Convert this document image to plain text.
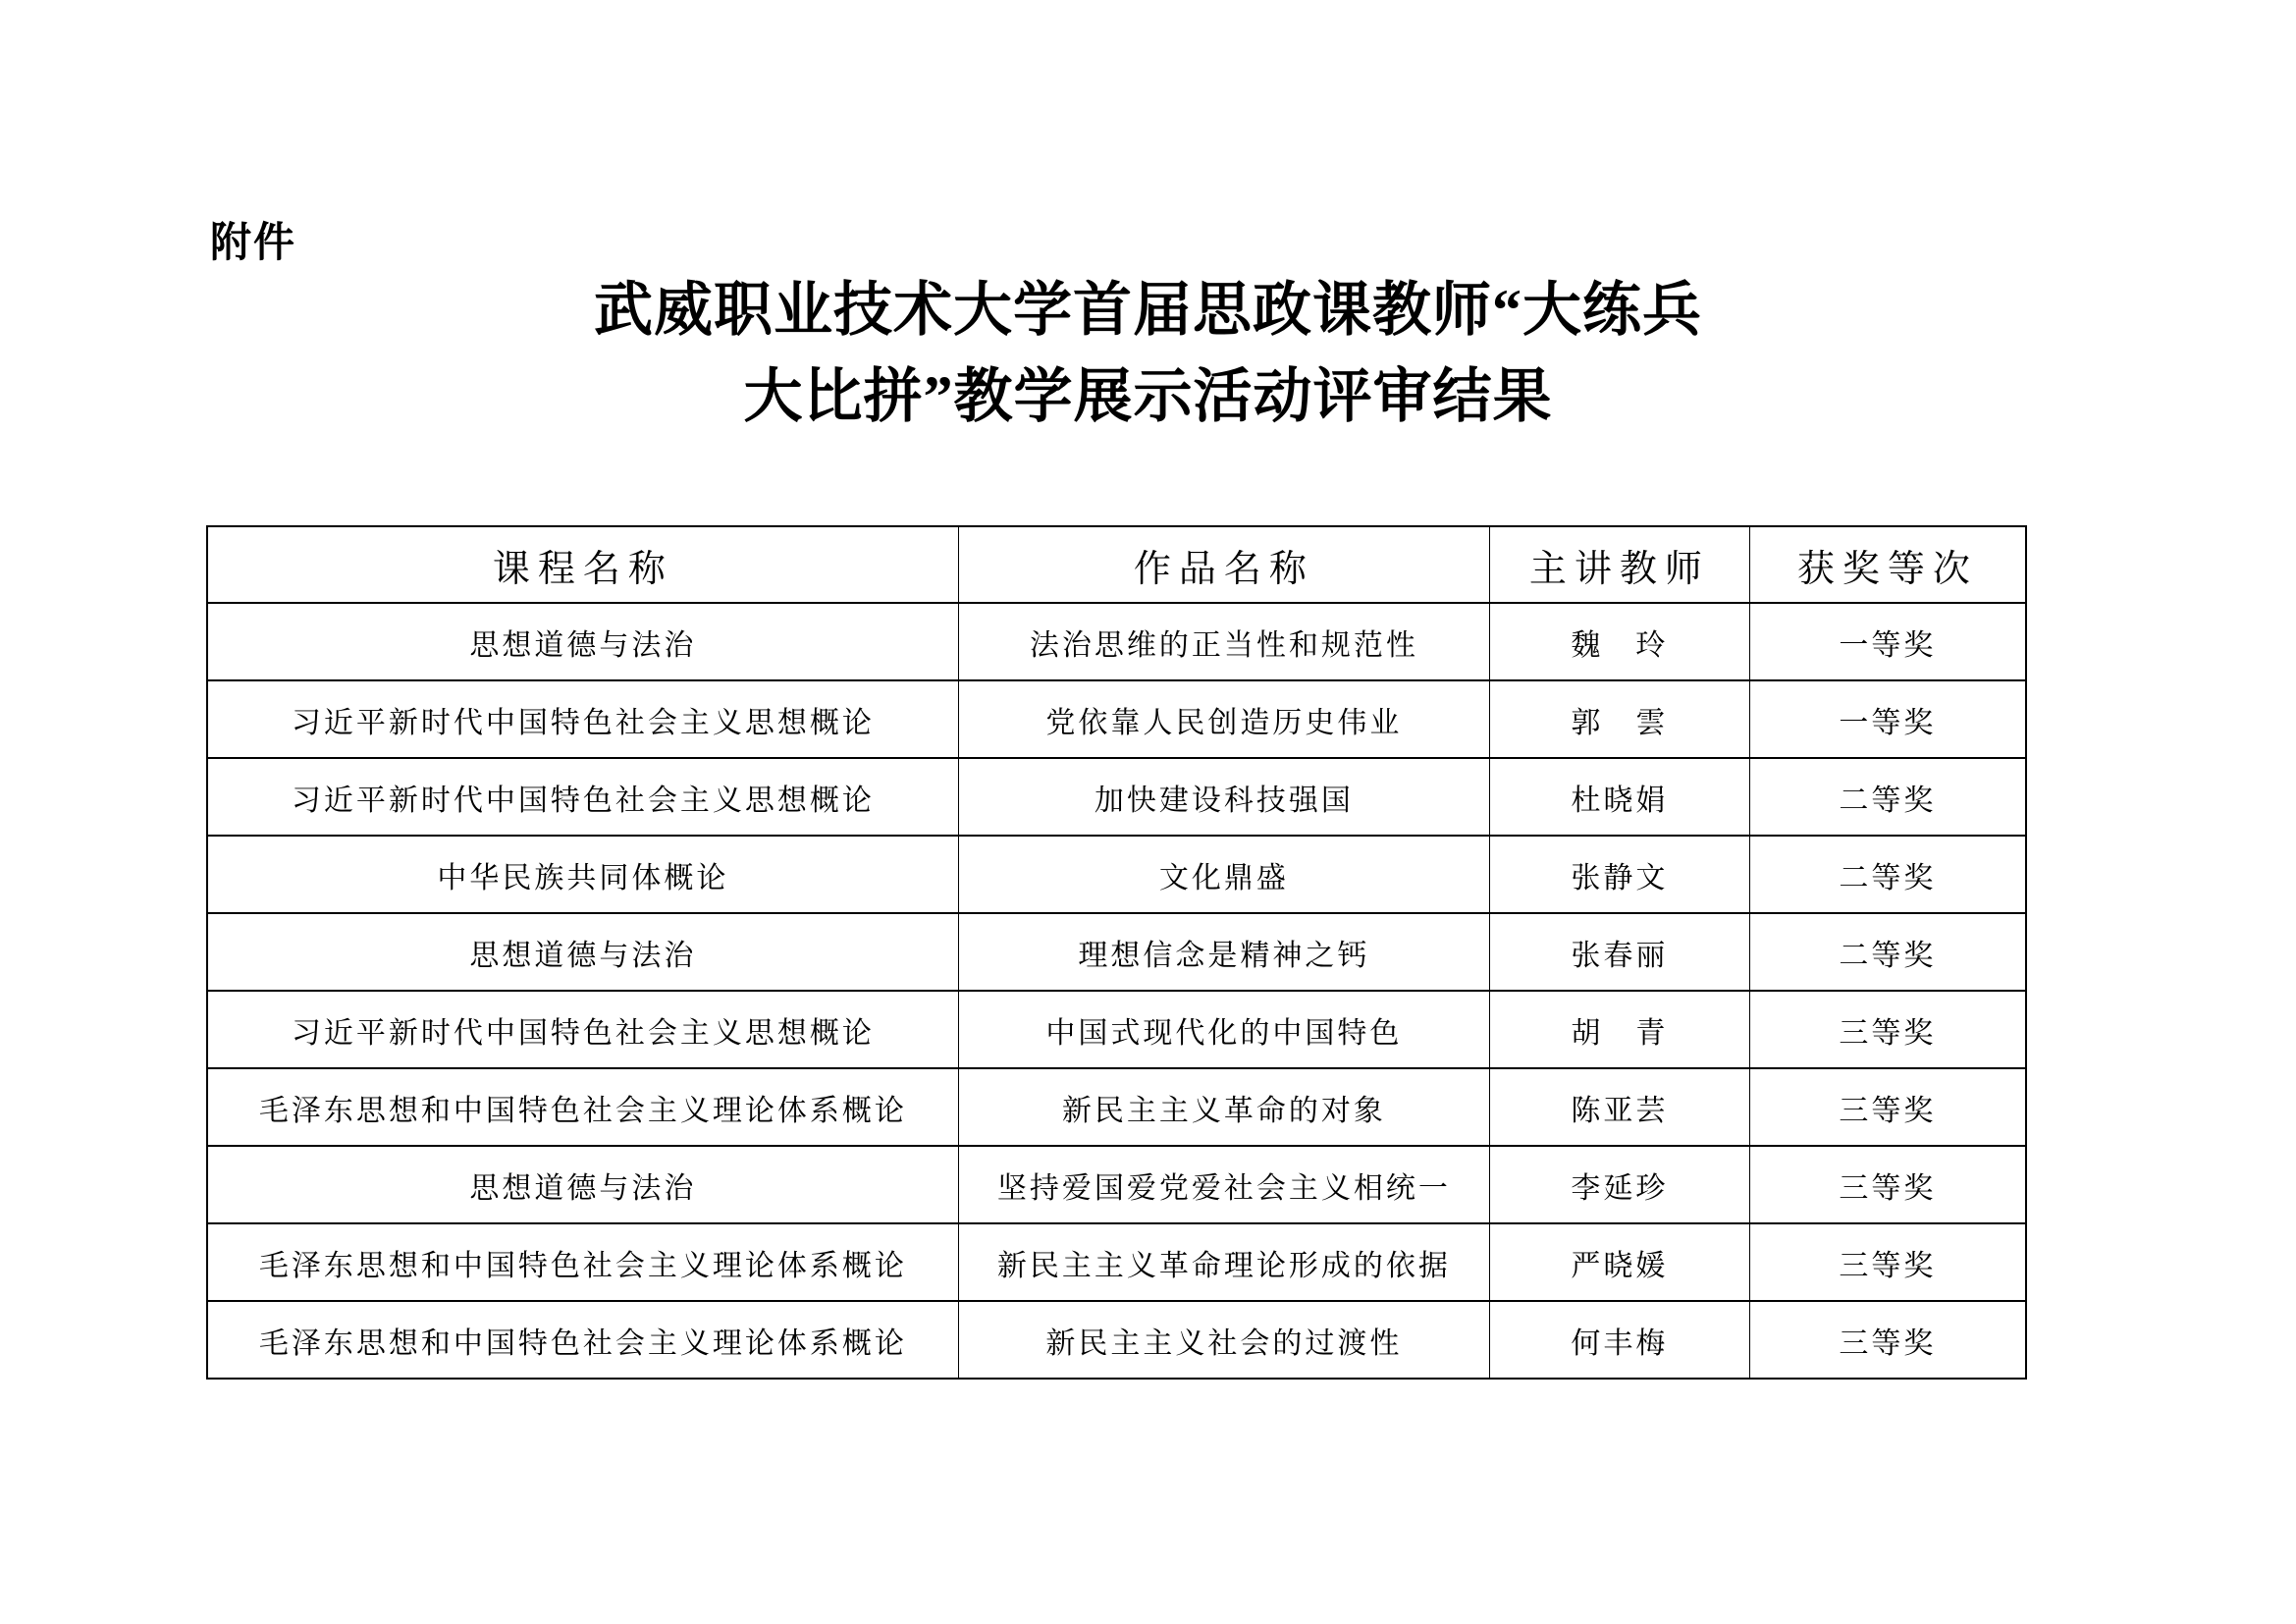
附件
武威职业技术大学首届思政课教师“大练兵
大比拼”教学展示活动评审结果
课程名称	作品名称	主讲教师	获奖等次
思想道德与法治	法治思维的正当性和规范性	魏　玲	一等奖
习近平新时代中国特色社会主义思想概论	党依靠人民创造历史伟业	郭　雲	一等奖
习近平新时代中国特色社会主义思想概论	加快建设科技强国	杜晓娟	二等奖
中华民族共同体概论	文化鼎盛	张静文	二等奖
思想道德与法治	理想信念是精神之钙	张春丽	二等奖
习近平新时代中国特色社会主义思想概论	中国式现代化的中国特色	胡　青	三等奖
毛泽东思想和中国特色社会主义理论体系概论	新民主主义革命的对象	陈亚芸	三等奖
思想道德与法治	坚持爱国爱党爱社会主义相统一	李延珍	三等奖
毛泽东思想和中国特色社会主义理论体系概论	新民主主义革命理论形成的依据	严晓媛	三等奖
毛泽东思想和中国特色社会主义理论体系概论	新民主主义社会的过渡性	何丰梅	三等奖
